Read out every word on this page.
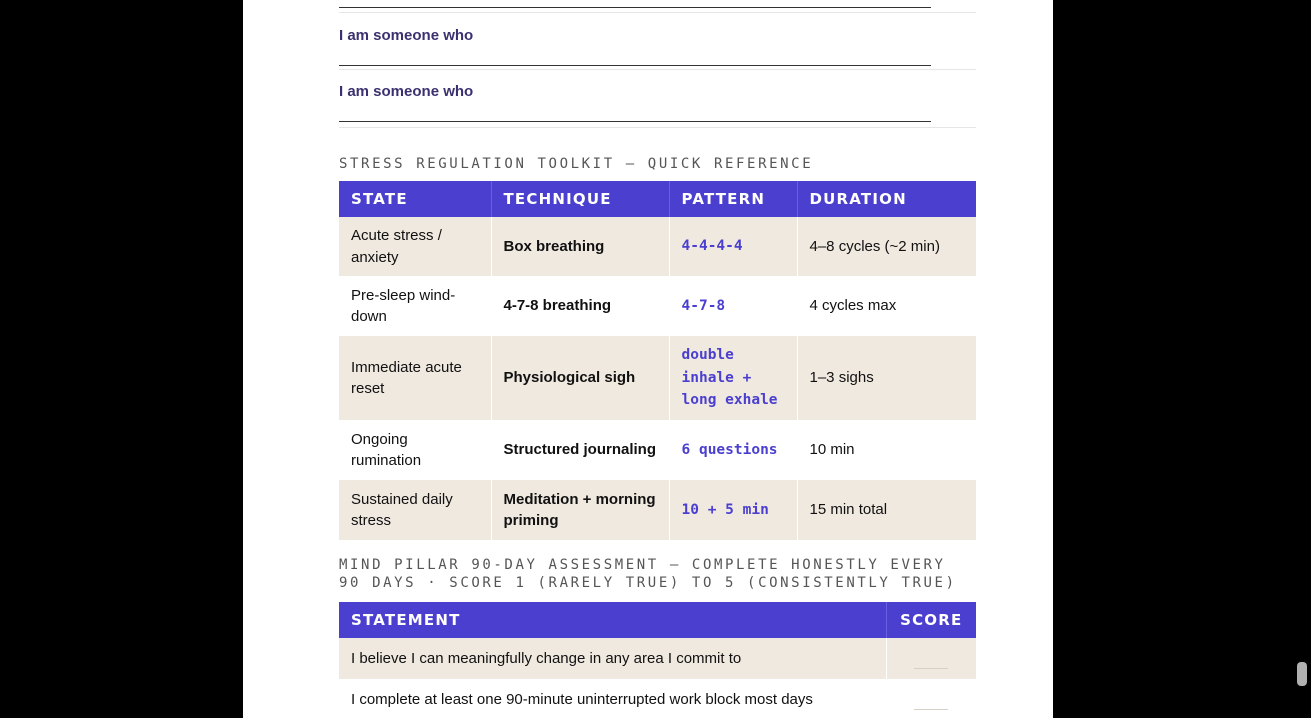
I am someone who
I am someone who
STRESS REGULATION TOOLKIT — QUICK REFERENCE
STATE	TECHNIQUE	PATTERN	DURATION
Acute stress / anxiety	Box breathing	4-4-4-4	4–8 cycles (~2 min)
Pre-sleep wind-down	4-7-8 breathing	4-7-8	4 cycles max
Immediate acute reset	Physiological sigh	double inhale + long exhale	1–3 sighs
Ongoing rumination	Structured journaling	6 questions	10 min
Sustained daily stress	Meditation + morning priming	10 + 5 min	15 min total
MIND PILLAR 90-DAY ASSESSMENT — COMPLETE HONESTLY EVERY
90 DAYS · SCORE 1 (RARELY TRUE) TO 5 (CONSISTENTLY TRUE)
STATEMENT	SCORE
I believe I can meaningfully change in any area I commit to	

I complete at least one 90-minute uninterrupted work block most days	
